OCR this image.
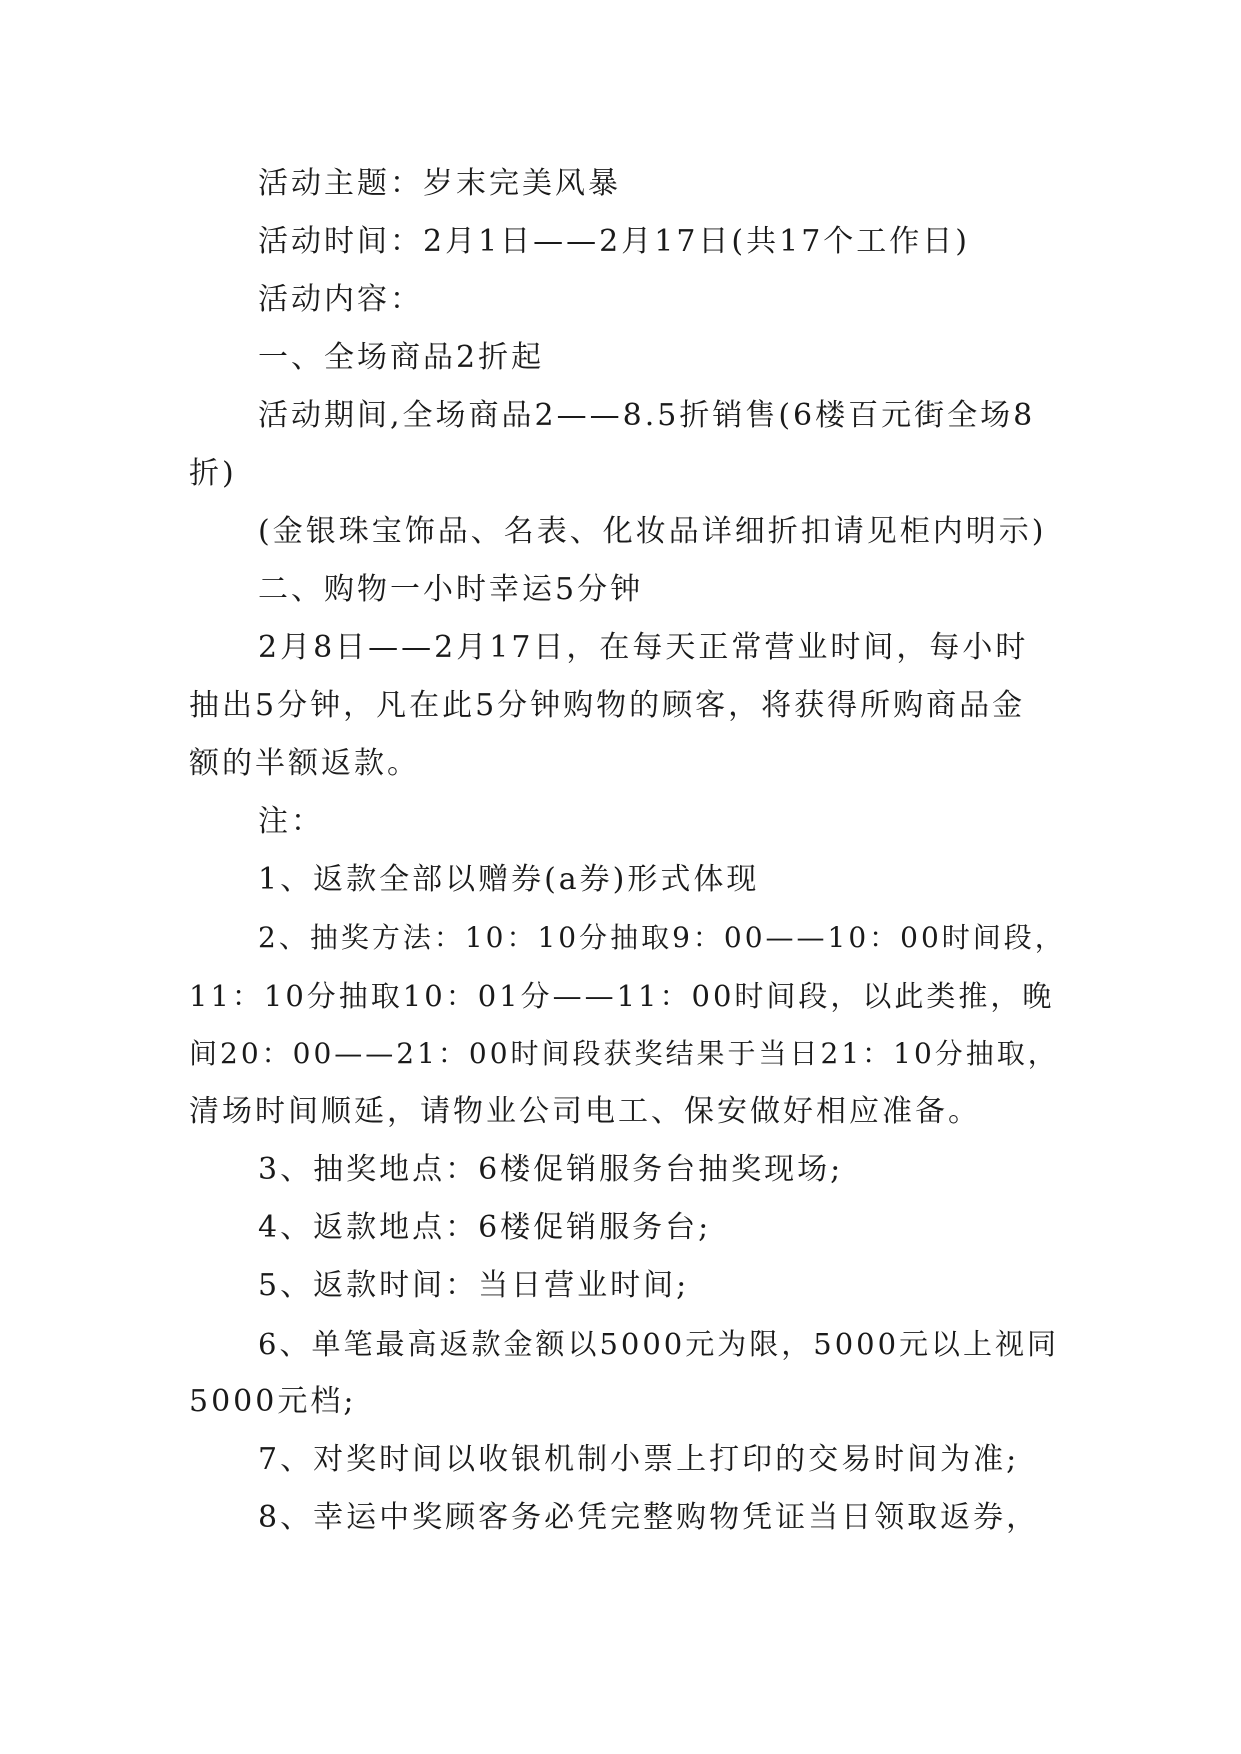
活动主题：岁末完美风暴
活动时间：2月1日——2月17日(共17个工作日)
活动内容：
一、全场商品2折起
活动期间,全场商品2——8.5折销售(6楼百元街全场8
折)
(金银珠宝饰品、名表、化妆品详细折扣请见柜内明示)
二、购物一小时幸运5分钟
2月8日——2月17日，在每天正常营业时间，每小时
抽出5分钟，凡在此5分钟购物的顾客，将获得所购商品金
额的半额返款。
注：
1、返款全部以赠券(a券)形式体现
2、抽奖方法：10：10分抽取9：00——10：00时间段，
11：10分抽取10：01分——11：00时间段，以此类推，晚
间20：00——21：00时间段获奖结果于当日21：10分抽取，
清场时间顺延，请物业公司电工、保安做好相应准备。
3、抽奖地点：6楼促销服务台抽奖现场;
4、返款地点：6楼促销服务台;
5、返款时间：当日营业时间;
6、单笔最高返款金额以5000元为限，5000元以上视同
5000元档;
7、对奖时间以收银机制小票上打印的交易时间为准;
8、幸运中奖顾客务必凭完整购物凭证当日领取返券，
